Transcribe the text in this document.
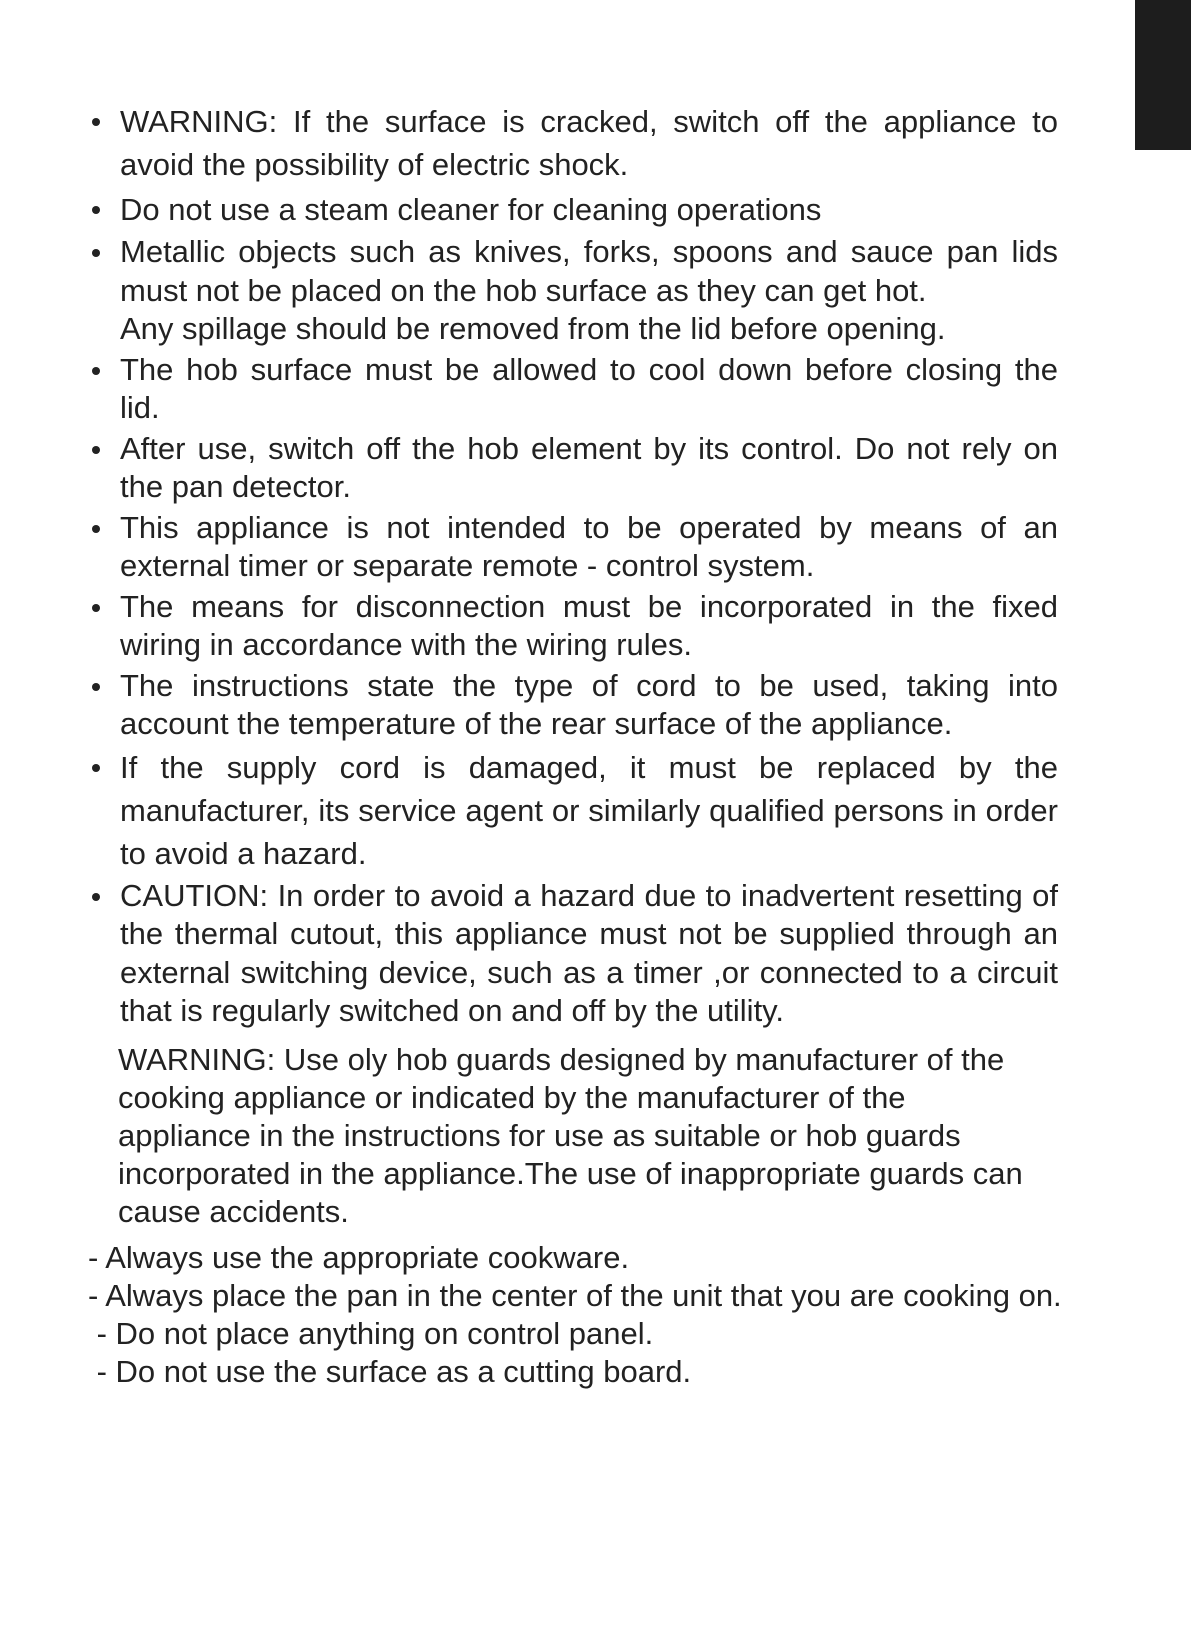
WARNING: If the surface is cracked, switch off the appliance to avoid the possibility of electric shock.
Do not use a steam cleaner for cleaning operations
Metallic objects such as knives, forks, spoons and sauce pan lids must not be placed on the hob surface as they can get hot.
Any spillage should be removed from the lid before opening.
The hob surface must be allowed to cool down before closing the lid.
After use, switch off the hob element by its control. Do not rely on the pan detector.
This appliance is not intended to be operated by means of an external timer or separate remote - control system.
The means for disconnection must be incorporated in the fixed wiring in accordance with the wiring rules.
The instructions state the type of cord to be used, taking into account the temperature of the rear surface of the appliance.
If the supply cord is damaged, it must be replaced by the manufacturer, its service agent or similarly qualified persons in order to avoid a hazard.
CAUTION: In order to avoid a hazard due to inadvertent resetting of the thermal cutout, this appliance must not be supplied through an external switching device, such as a timer ,or connected to a circuit that is regularly switched on and off by the utility.
WARNING: Use oly hob guards designed by manufacturer of the cooking appliance or indicated by the manufacturer of the appliance in the instructions for use as suitable or hob guards incorporated in the appliance.The use of inappropriate guards can cause accidents.
- Always use the appropriate cookware.
- Always place the pan in the center of the unit that you are cooking on.
- Do not place anything on control panel.
- Do not use the surface as a cutting board.
